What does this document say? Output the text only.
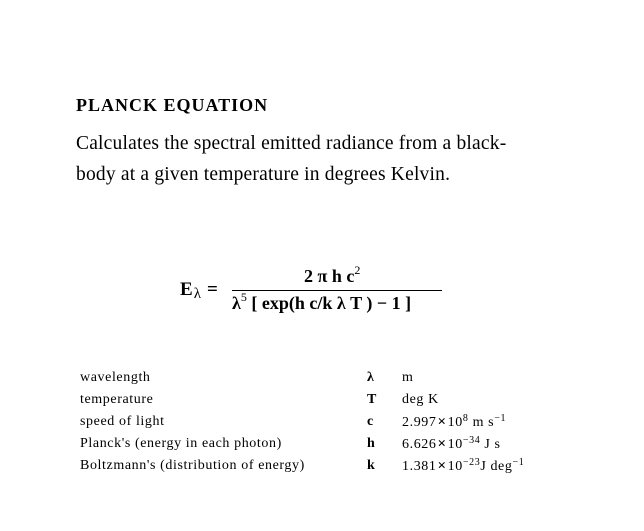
PLANCK EQUATION
Calculates the spectral emitted radiance from a black-
body at a given temperature in degrees Kelvin.
Eλ =
2 π h $c^2$
$\lambda^5$ [ exp(h c/k λ T ) − 1 ]
wavelength	λ m
temperature	T deg K
speed of light	c $2.997\times 10^8$ m $s^{-1}$
Planck's (energy in each photon)	h $6.626\times 10^{-34}$ J s
Boltzmann's (distribution of energy)	k $1.381\times 10^{-23}J$ deg$^{-1}$
